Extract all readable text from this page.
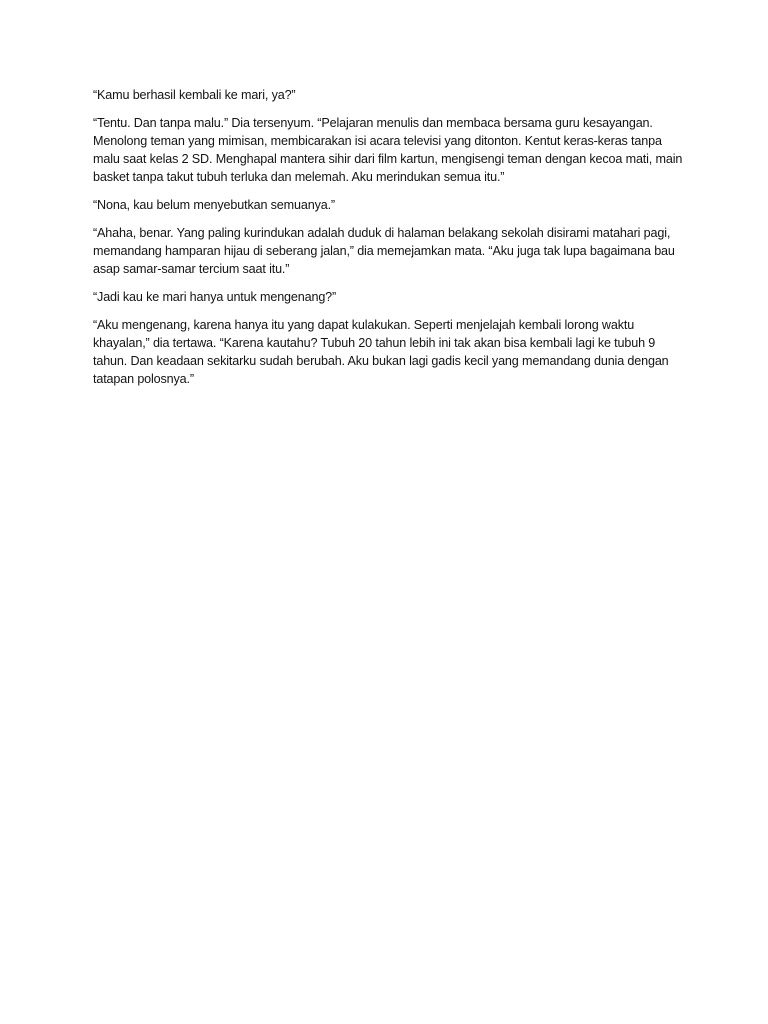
“Kamu berhasil kembali ke mari, ya?”

“Tentu. Dan tanpa malu.” Dia tersenyum. “Pelajaran menulis dan membaca bersama guru kesayangan. Menolong teman yang mimisan, membicarakan isi acara televisi yang ditonton. Kentut keras-keras tanpa malu saat kelas 2 SD. Menghapal mantera sihir dari film kartun, mengisengi teman dengan kecoa mati, main basket tanpa takut tubuh terluka dan melemah. Aku merindukan semua itu.”

“Nona, kau belum menyebutkan semuanya.”

“Ahaha, benar. Yang paling kurindukan adalah duduk di halaman belakang sekolah disirami matahari pagi, memandang hamparan hijau di seberang jalan,” dia memejamkan mata. “Aku juga tak lupa bagaimana bau asap samar-samar tercium saat itu.”

“Jadi kau ke mari hanya untuk mengenang?”

“Aku mengenang, karena hanya itu yang dapat kulakukan. Seperti menjelajah kembali lorong waktu khayalan,” dia tertawa. “Karena kautahu? Tubuh 20 tahun lebih ini tak akan bisa kembali lagi ke tubuh 9 tahun. Dan keadaan sekitarku sudah berubah. Aku bukan lagi gadis kecil yang memandang dunia dengan tatapan polosnya.”
